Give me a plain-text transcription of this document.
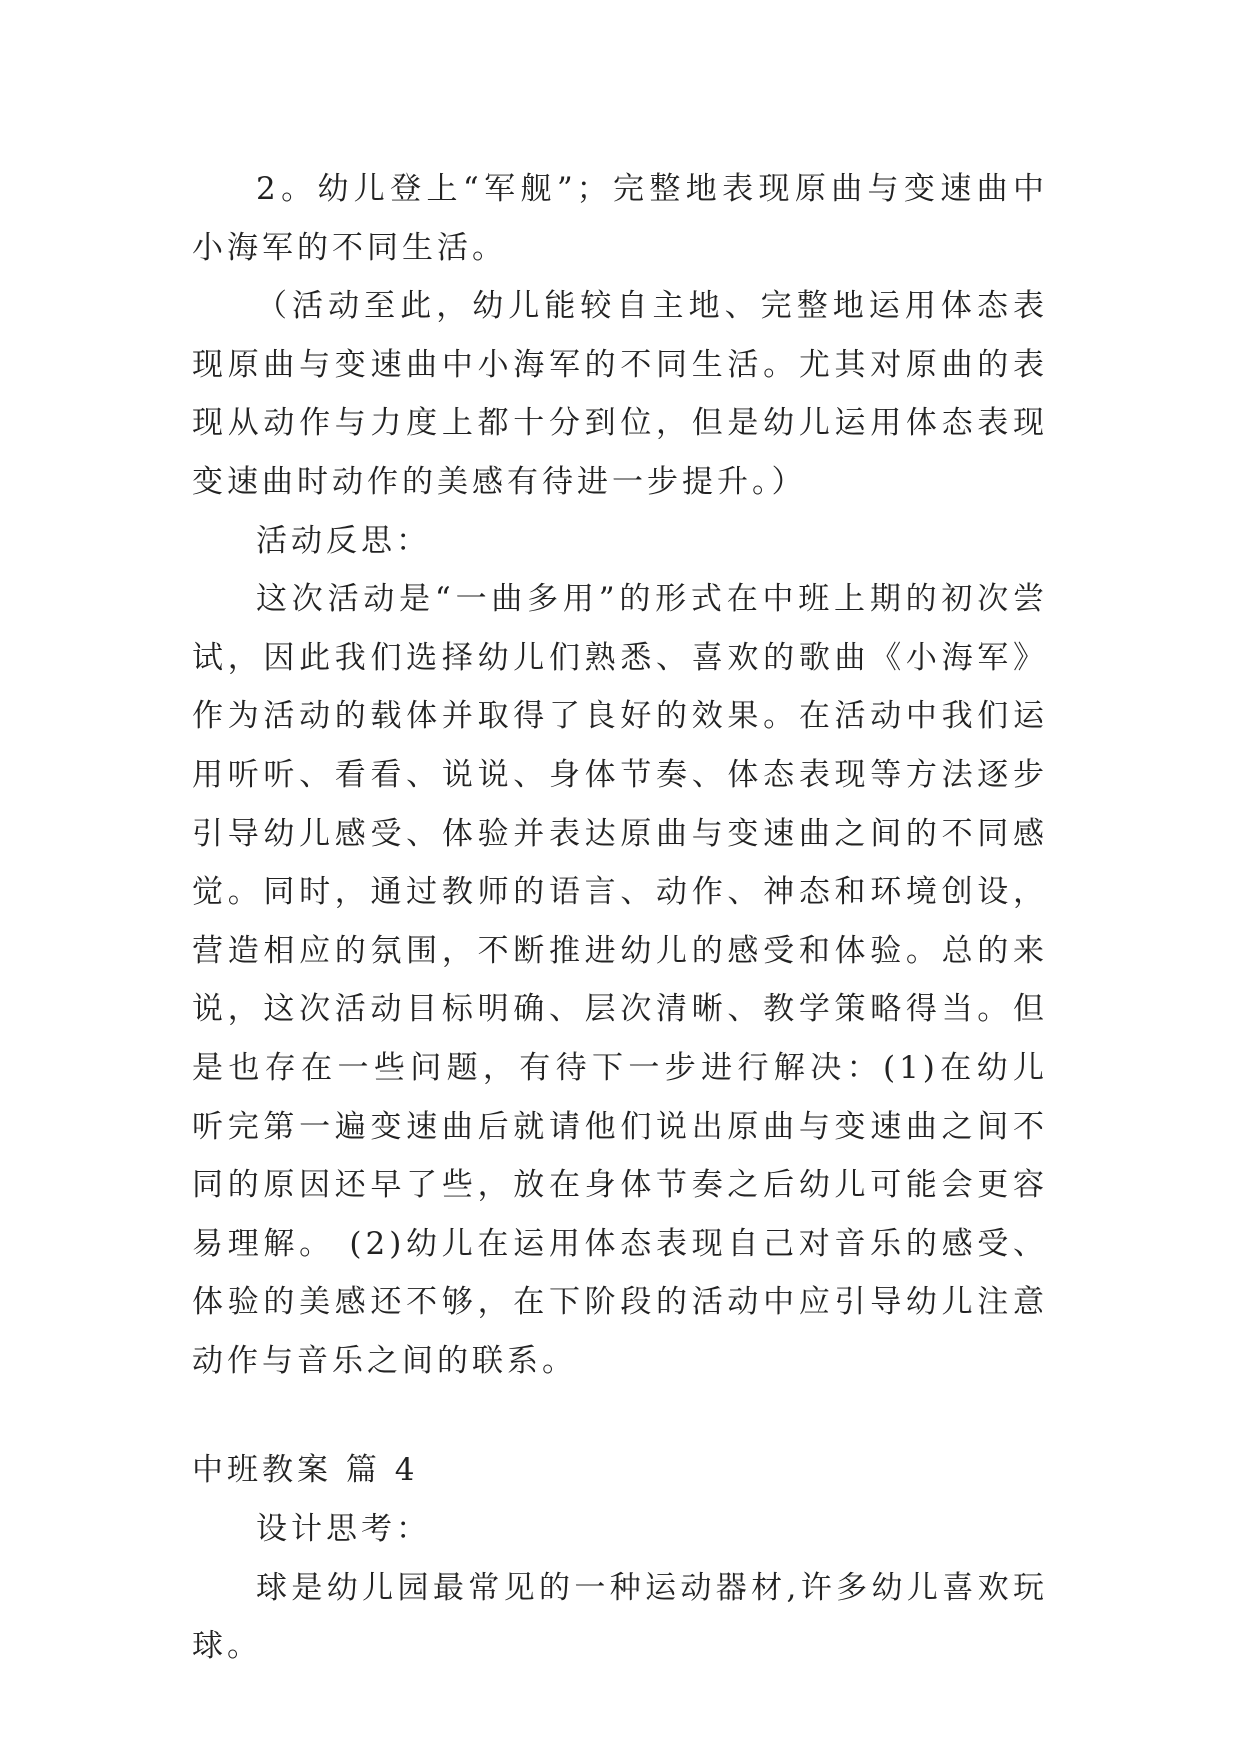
2。幼儿登上“军舰”；完整地表现原曲与变速曲中小海军的不同生活。

（活动至此，幼儿能较自主地、完整地运用体态表现原曲与变速曲中小海军的不同生活。尤其对原曲的表现从动作与力度上都十分到位，但是幼儿运用体态表现变速曲时动作的美感有待进一步提升。）

活动反思：

这次活动是“一曲多用”的形式在中班上期的初次尝试，因此我们选择幼儿们熟悉、喜欢的歌曲《小海军》作为活动的载体并取得了良好的效果。在活动中我们运用听听、看看、说说、身体节奏、体态表现等方法逐步引导幼儿感受、体验并表达原曲与变速曲之间的不同感觉。同时，通过教师的语言、动作、神态和环境创设，营造相应的氛围，不断推进幼儿的感受和体验。总的来说，这次活动目标明确、层次清晰、教学策略得当。但是也存在一些问题，有待下一步进行解决：(1)在幼儿听完第一遍变速曲后就请他们说出原曲与变速曲之间不同的原因还早了些，放在身体节奏之后幼儿可能会更容易理解。 (2)幼儿在运用体态表现自己对音乐的感受、体验的美感还不够，在下阶段的活动中应引导幼儿注意动作与音乐之间的联系。

中班教案 篇 4

设计思考：

球是幼儿园最常见的一种运动器材,许多幼儿喜欢玩球。
